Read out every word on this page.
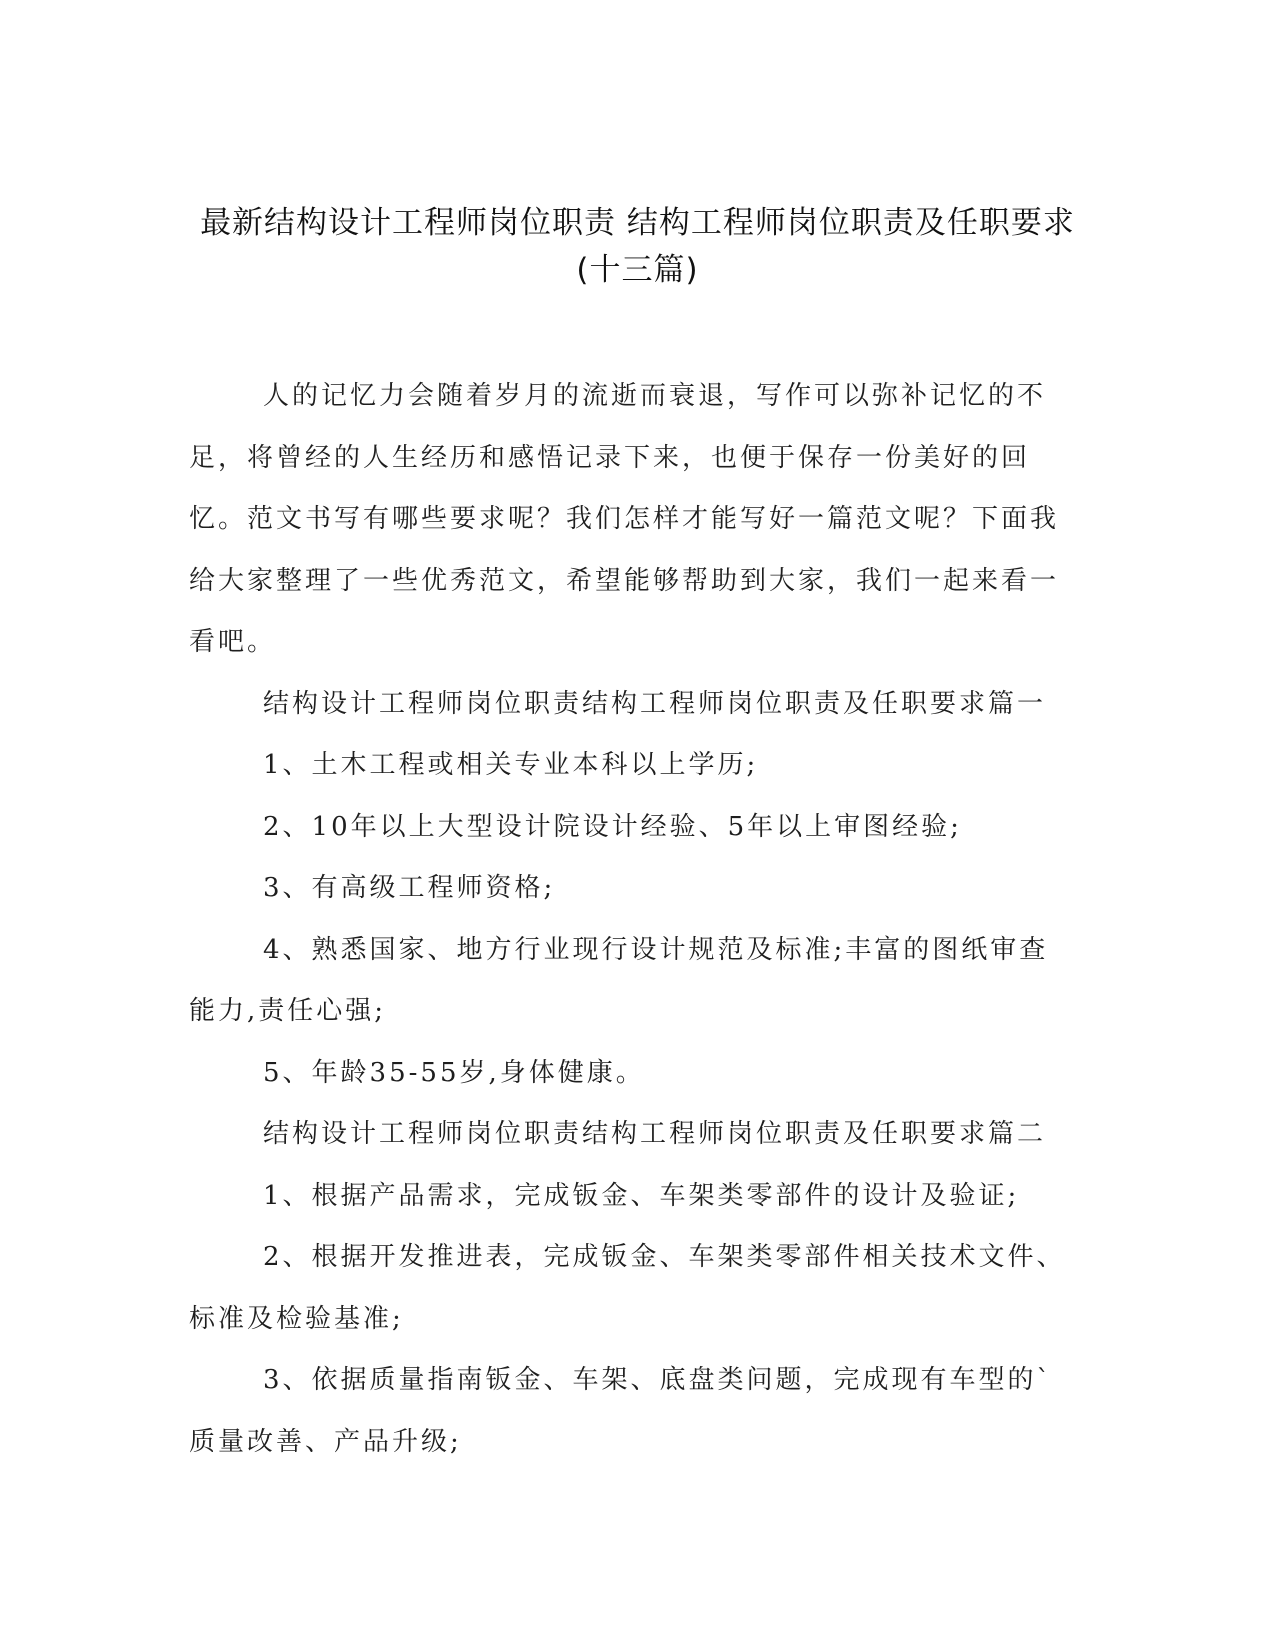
最新结构设计工程师岗位职责 结构工程师岗位职责及任职要求(十三篇)

人的记忆力会随着岁月的流逝而衰退，写作可以弥补记忆的不足，将曾经的人生经历和感悟记录下来，也便于保存一份美好的回忆。范文书写有哪些要求呢？我们怎样才能写好一篇范文呢？下面我给大家整理了一些优秀范文，希望能够帮助到大家，我们一起来看一看吧。

结构设计工程师岗位职责结构工程师岗位职责及任职要求篇一

1、土木工程或相关专业本科以上学历;

2、10年以上大型设计院设计经验、5年以上审图经验;

3、有高级工程师资格;

4、熟悉国家、地方行业现行设计规范及标准;丰富的图纸审查能力,责任心强;

5、年龄35-55岁,身体健康。

结构设计工程师岗位职责结构工程师岗位职责及任职要求篇二

1、根据产品需求，完成钣金、车架类零部件的设计及验证;

2、根据开发推进表，完成钣金、车架类零部件相关技术文件、标准及检验基准;

3、依据质量指南钣金、车架、底盘类问题，完成现有车型的`质量改善、产品升级;
